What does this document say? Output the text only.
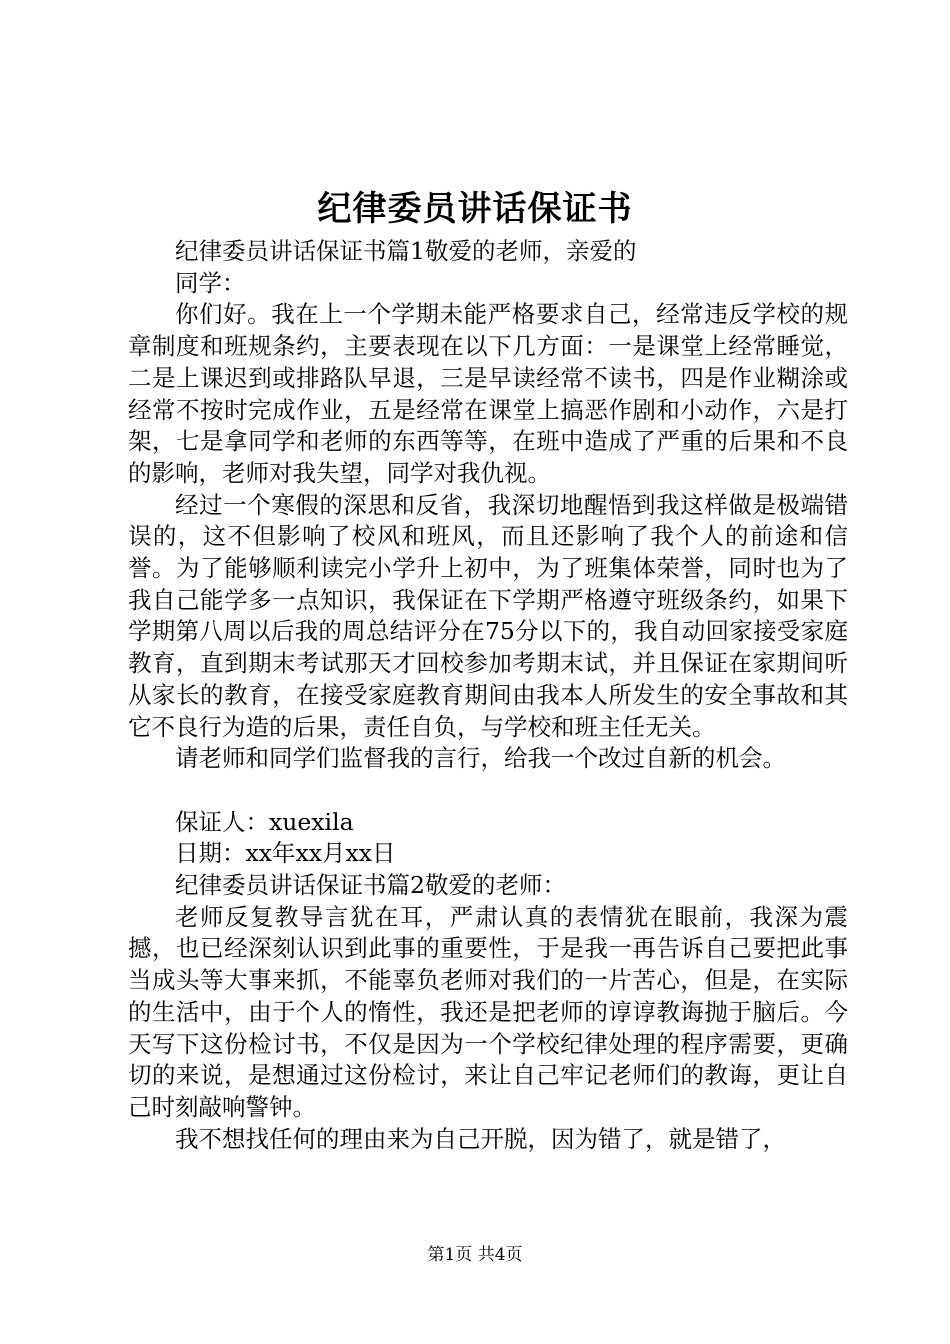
纪律委员讲话保证书

纪律委员讲话保证书篇1敬爱的老师，亲爱的

同学：

你们好。我在上一个学期未能严格要求自己，经常违反学校的规章制度和班规条约，主要表现在以下几方面：一是课堂上经常睡觉，二是上课迟到或排路队早退，三是早读经常不读书，四是作业糊涂或经常不按时完成作业，五是经常在课堂上搞恶作剧和小动作，六是打架，七是拿同学和老师的东西等等，在班中造成了严重的后果和不良的影响，老师对我失望，同学对我仇视。

经过一个寒假的深思和反省，我深切地醒悟到我这样做是极端错误的，这不但影响了校风和班风，而且还影响了我个人的前途和信誉。为了能够顺利读完小学升上初中，为了班集体荣誉，同时也为了我自己能学多一点知识，我保证在下学期严格遵守班级条约，如果下学期第八周以后我的周总结评分在75分以下的，我自动回家接受家庭教育，直到期末考试那天才回校参加考期末试，并且保证在家期间听从家长的教育，在接受家庭教育期间由我本人所发生的安全事故和其它不良行为造的后果，责任自负，与学校和班主任无关。

请老师和同学们监督我的言行，给我一个改过自新的机会。

保证人：xuexila

日期：xx年xx月xx日

纪律委员讲话保证书篇2敬爱的老师：

老师反复教导言犹在耳，严肃认真的表情犹在眼前，我深为震撼，也已经深刻认识到此事的重要性，于是我一再告诉自己要把此事当成头等大事来抓，不能辜负老师对我们的一片苦心，但是，在实际的生活中，由于个人的惰性，我还是把老师的谆谆教诲抛于脑后。今天写下这份检讨书，不仅是因为一个学校纪律处理的程序需要，更确切的来说，是想通过这份检讨，来让自己牢记老师们的教诲，更让自己时刻敲响警钟。

我不想找任何的理由来为自己开脱，因为错了，就是错了，

第1页 共4页
